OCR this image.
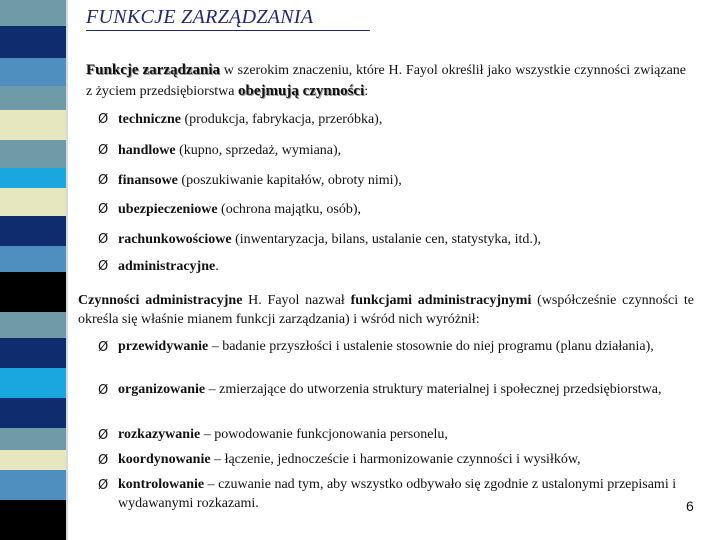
FUNKCJE ZARZĄDZANIA
Funkcje zarządzania w szerokim znaczeniu, które H. Fayol określił jako wszystkie czynności związane z życiem przedsiębiorstwa obejmują czynności:
Ø techniczne (produkcja, fabrykacja, przeróbka),
Ø handlowe (kupno, sprzedaż, wymiana),
Ø finansowe (poszukiwanie kapitałów, obroty nimi),
Ø ubezpieczeniowe (ochrona majątku, osób),
Ø rachunkowościowe (inwentaryzacja, bilans, ustalanie cen, statystyka, itd.),
Ø administracyjne.
Czynności administracyjne H. Fayol nazwał funkcjami administracyjnymi (współcześnie czynności te określa się właśnie mianem funkcji zarządzania) i wśród nich wyróżnił:
Ø przewidywanie – badanie przyszłości i ustalenie stosownie do niej programu (planu działania),
Ø organizowanie – zmierzające do utworzenia struktury materialnej i społecznej przedsiębiorstwa,
Ø rozkazywanie – powodowanie funkcjonowania personelu,
Ø koordynowanie – łączenie, jednoczeście i harmonizowanie czynności i wysiłków,
Ø kontrolowanie – czuwanie nad tym, aby wszystko odbywało się zgodnie z ustalonymi przepisami i wydawanymi rozkazami.	6
